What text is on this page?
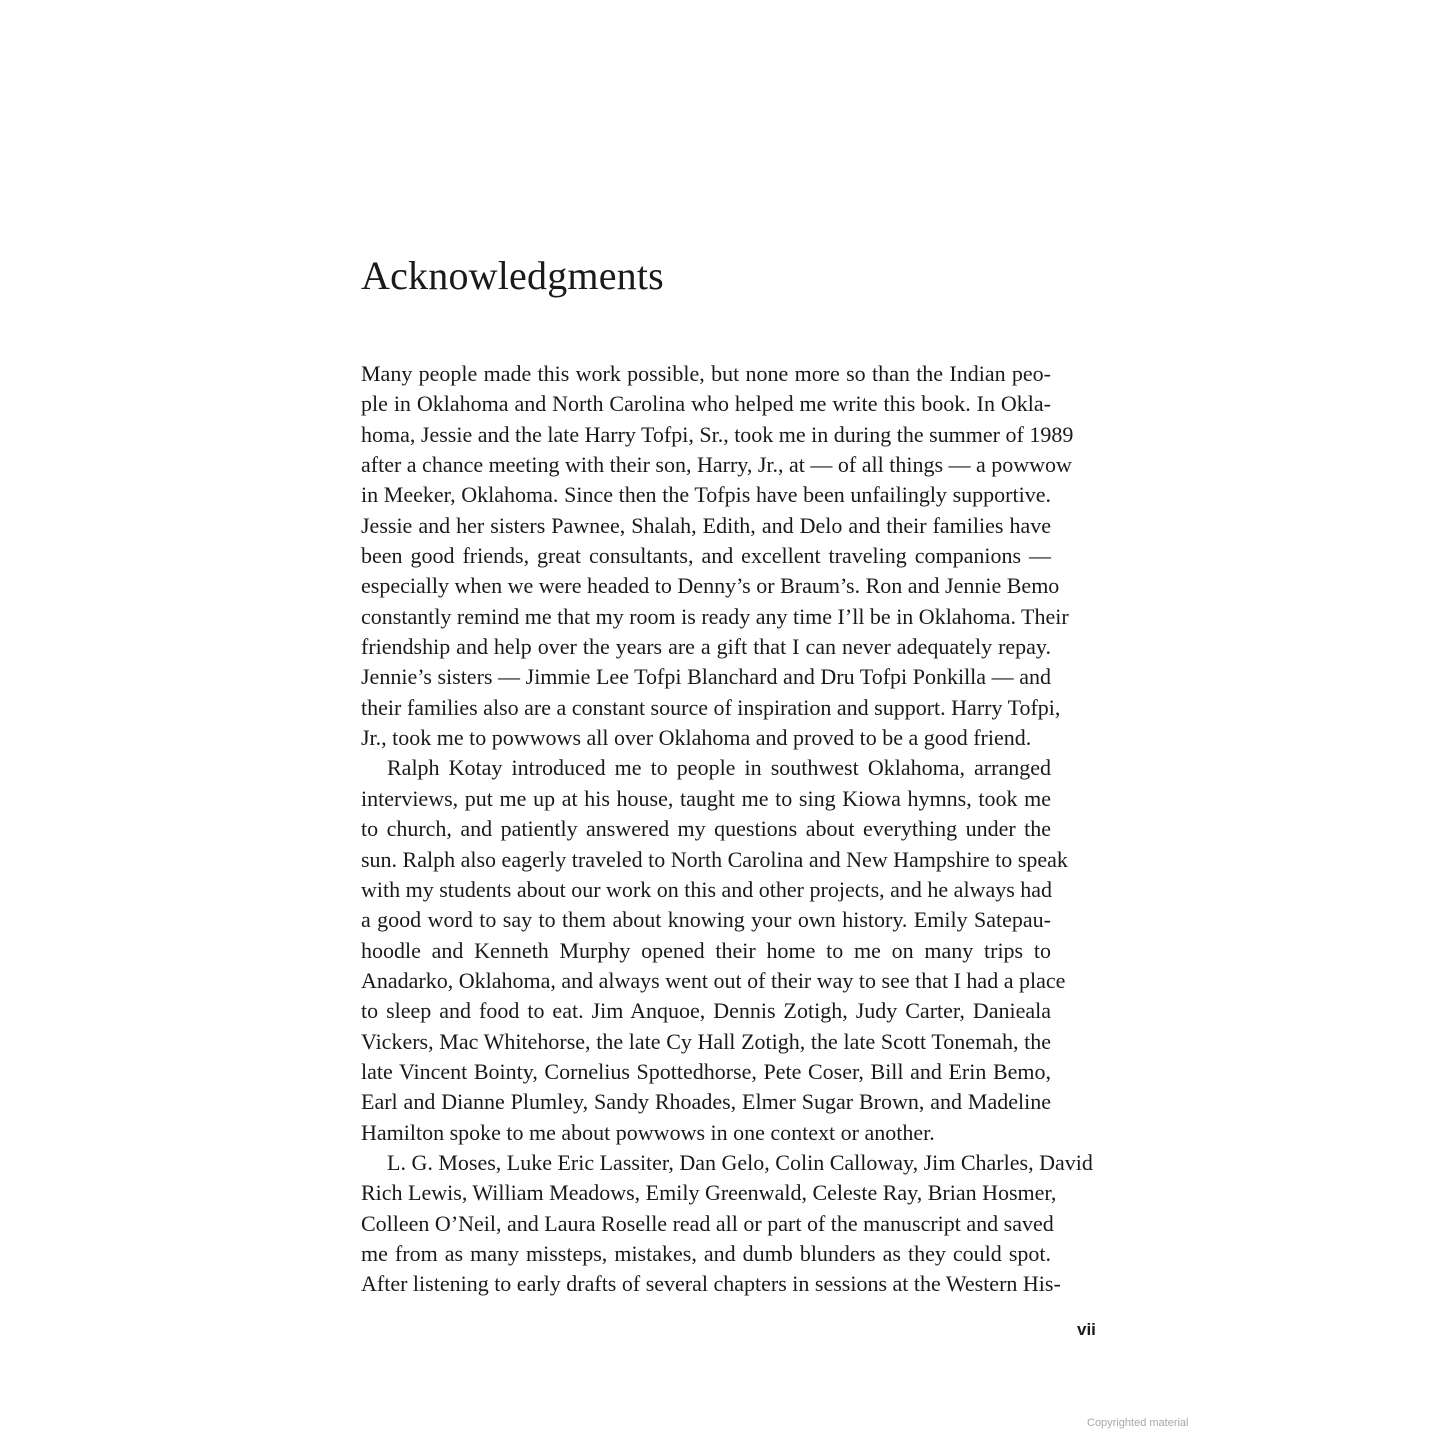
Acknowledgments
Many people made this work possible, but none more so than the Indian peo-
ple in Oklahoma and North Carolina who helped me write this book. In Okla-
homa, Jessie and the late Harry Tofpi, Sr., took me in during the summer of 1989
after a chance meeting with their son, Harry, Jr., at — of all things — a powwow
in Meeker, Oklahoma. Since then the Tofpis have been unfailingly supportive.
Jessie and her sisters Pawnee, Shalah, Edith, and Delo and their families have
been good friends, great consultants, and excellent traveling companions —
especially when we were headed to Denny’s or Braum’s. Ron and Jennie Bemo
constantly remind me that my room is ready any time I’ll be in Oklahoma. Their
friendship and help over the years are a gift that I can never adequately repay.
Jennie’s sisters — Jimmie Lee Tofpi Blanchard and Dru Tofpi Ponkilla — and
their families also are a constant source of inspiration and support. Harry Tofpi,
Jr., took me to powwows all over Oklahoma and proved to be a good friend.
Ralph Kotay introduced me to people in southwest Oklahoma, arranged
interviews, put me up at his house, taught me to sing Kiowa hymns, took me
to church, and patiently answered my questions about everything under the
sun. Ralph also eagerly traveled to North Carolina and New Hampshire to speak
with my students about our work on this and other projects, and he always had
a good word to say to them about knowing your own history. Emily Satepau-
hoodle and Kenneth Murphy opened their home to me on many trips to
Anadarko, Oklahoma, and always went out of their way to see that I had a place
to sleep and food to eat. Jim Anquoe, Dennis Zotigh, Judy Carter, Danieala
Vickers, Mac Whitehorse, the late Cy Hall Zotigh, the late Scott Tonemah, the
late Vincent Bointy, Cornelius Spottedhorse, Pete Coser, Bill and Erin Bemo,
Earl and Dianne Plumley, Sandy Rhoades, Elmer Sugar Brown, and Madeline
Hamilton spoke to me about powwows in one context or another.
L. G. Moses, Luke Eric Lassiter, Dan Gelo, Colin Calloway, Jim Charles, David
Rich Lewis, William Meadows, Emily Greenwald, Celeste Ray, Brian Hosmer,
Colleen O’Neil, and Laura Roselle read all or part of the manuscript and saved
me from as many missteps, mistakes, and dumb blunders as they could spot.
After listening to early drafts of several chapters in sessions at the Western His-
vii
Copyrighted material
